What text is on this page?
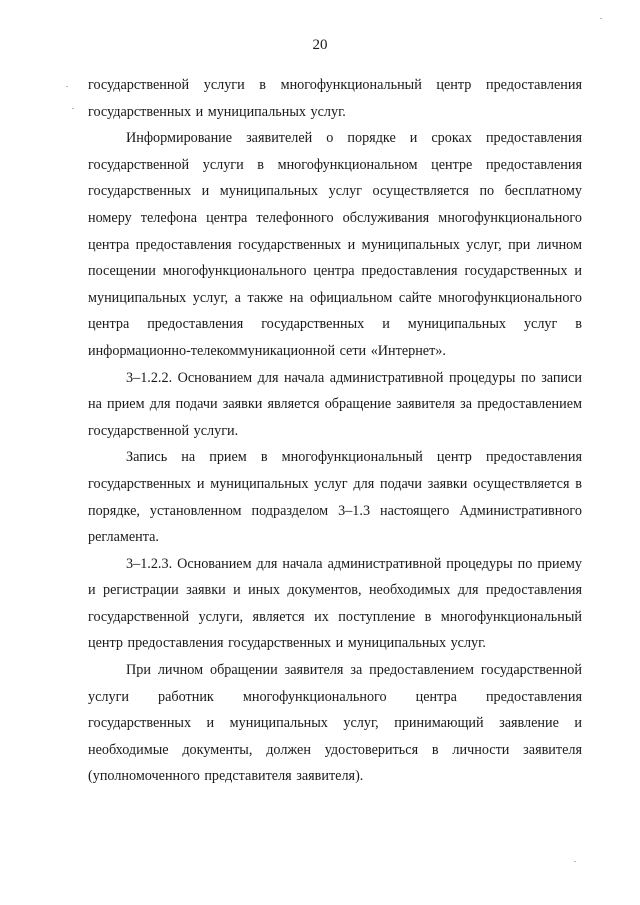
20

государственной услуги в многофункциональный центр предоставления государственных и муниципальных услуг.

Информирование заявителей о порядке и сроках предоставления государственной услуги в многофункциональном центре предоставления государственных и муниципальных услуг осуществляется по бесплатному номеру телефона центра телефонного обслуживания многофункционального центра предоставления государственных и муниципальных услуг, при личном посещении многофункционального центра предоставления государственных и муниципальных услуг, а также на официальном сайте многофункционального центра предоставления государственных и муниципальных услуг в информационно-телекоммуникационной сети «Интернет».

3–1.2.2. Основанием для начала административной процедуры по записи на прием для подачи заявки является обращение заявителя за предоставлением государственной услуги.

Запись на прием в многофункциональный центр предоставления государственных и муниципальных услуг для подачи заявки осуществляется в порядке, установленном подразделом 3–1.3 настоящего Административного регламента.

3–1.2.3. Основанием для начала административной процедуры по приему и регистрации заявки и иных документов, необходимых для предоставления государственной услуги, является их поступление в многофункциональный центр предоставления государственных и муниципальных услуг.

При личном обращении заявителя за предоставлением государственной услуги работник многофункционального центра предоставления государственных и муниципальных услуг, принимающий заявление и необходимые документы, должен удостовериться в личности заявителя (уполномоченного представителя заявителя).
